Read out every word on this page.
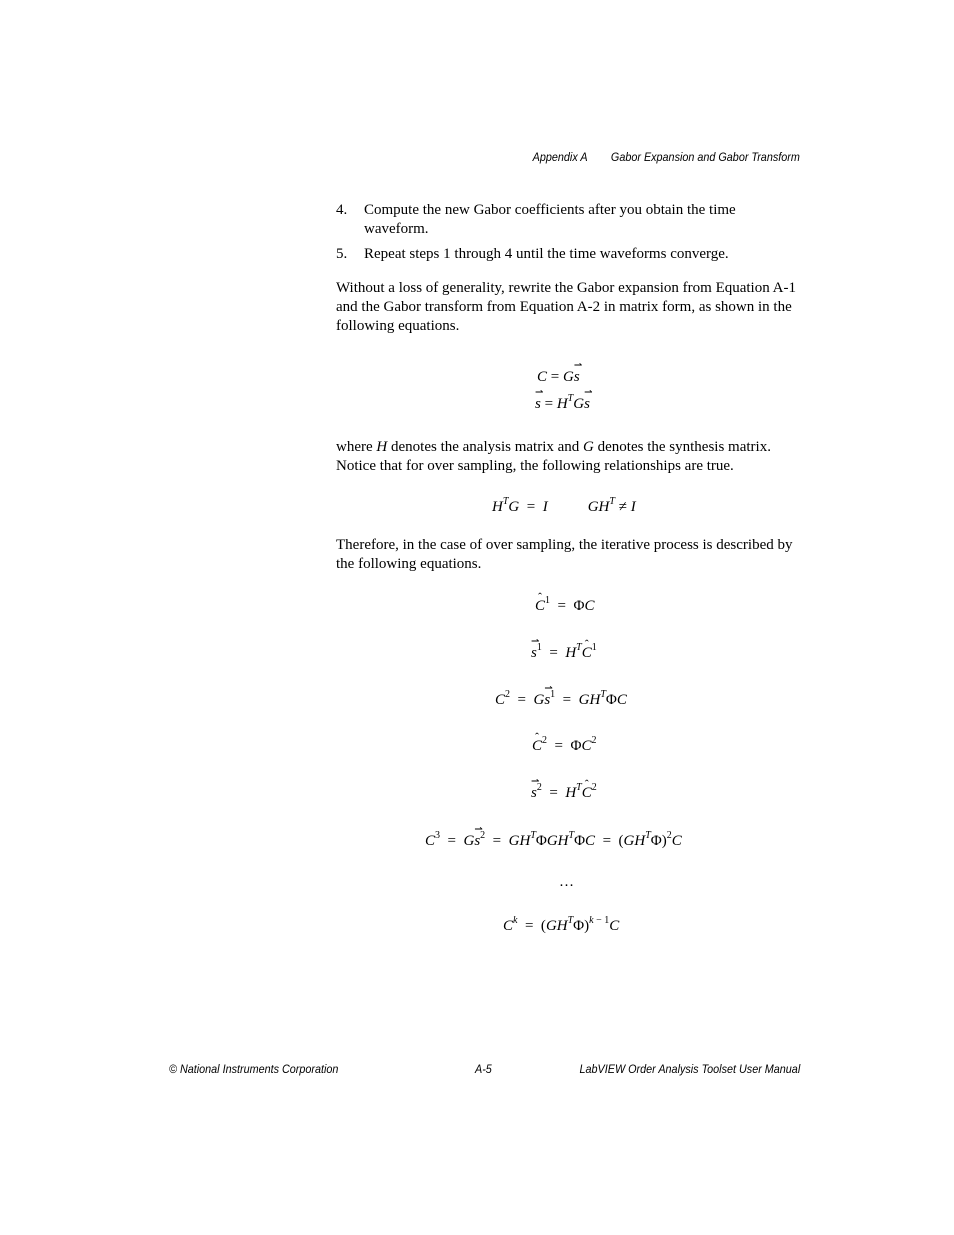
Appendix A Gabor Expansion and Gabor Transform
4.	Compute the new Gabor coefficients after you obtain the time waveform.
5.	Repeat steps 1 through 4 until the time waveforms converge.

Without a loss of generality, rewrite the Gabor expansion from Equation A-1 and the Gabor transform from Equation A-2 in matrix form, as shown in the following equations.

C = G⇀ s
⇀ $s = H^TG⇀$ s

where H denotes the analysis matrix and G denotes the synthesis matrix. Notice that for over sampling, the following relationships are true.

$H^TG = I$	$GH^T \ne I$

Therefore, in the case of over sampling, the iterative process is described by the following equations.

ˆ $C^1 = \Phi C$
⇀ $s^1$  =  $H^Tˆ$ $C^1$
$C^2$  =  G⇀ $s^1 = GH^T\Phi C$
ˆ $C^2 = \Phi C^2$
⇀ $s^2$  =  $H^Tˆ$ $C^2$
$C^3$  =  G⇀ $s^2 = GH^T\Phi GH^T\Phi C = (GH^T\Phi)^2C$
…
$C^k = (GH^T\Phi)^{k - 1}C$
© National Instruments Corporation	A-5	LabVIEW Order Analysis Toolset User Manual
